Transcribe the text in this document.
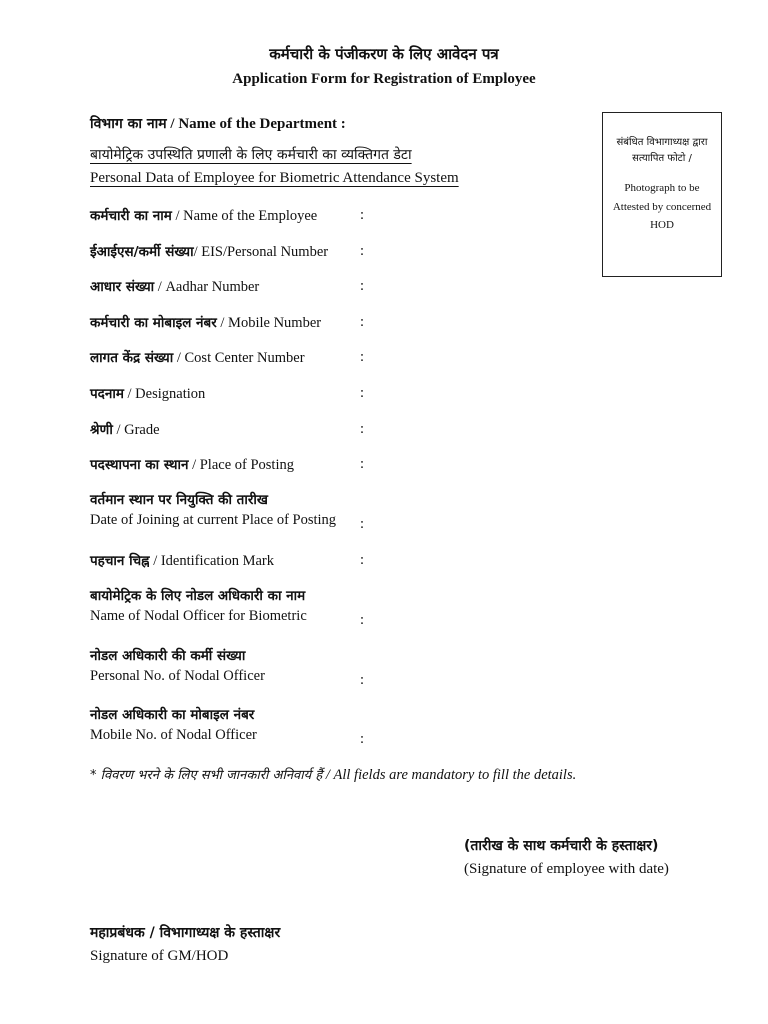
कर्मचारी के पंजीकरण के लिए आवेदन पत्र
Application Form for Registration of Employee
विभाग का नाम / Name of the Department :
बायोमेट्रिक उपस्थिति प्रणाली के लिए कर्मचारी का व्यक्तिगत डेटा
Personal Data of Employee for Biometric Attendance System
संबंधित विभागाध्यक्ष द्वारा सत्यापित फोटो /
Photograph to be Attested by concerned HOD
कर्मचारी का नाम / Name of the Employee	:
ईआईएस/कर्मी संख्या/ EIS/Personal Number	:
आधार संख्या / Aadhar Number	:
कर्मचारी का मोबाइल नंबर / Mobile Number	:
लागत केंद्र संख्या / Cost Center Number	:
पदनाम / Designation	:
श्रेणी / Grade	:
पदस्थापना का स्थान / Place of Posting	:
वर्तमान स्थान पर नियुक्ति की तारीख
Date of Joining at current Place of Posting	:
पहचान चिह्न / Identification Mark	:
बायोमेट्रिक के लिए नोडल अधिकारी का नाम
Name of Nodal Officer for Biometric	:
नोडल अधिकारी की कर्मी संख्या
Personal No. of Nodal Officer	:
नोडल अधिकारी का मोबाइल नंबर
Mobile No. of Nodal Officer	:
* विवरण भरने के लिए सभी जानकारी अनिवार्य हैं / All fields are mandatory to fill the details.
(तारीख के साथ कर्मचारी के हस्ताक्षर)
(Signature of employee with date)
महाप्रबंधक / विभागाध्यक्ष के हस्ताक्षर
Signature of GM/HOD
